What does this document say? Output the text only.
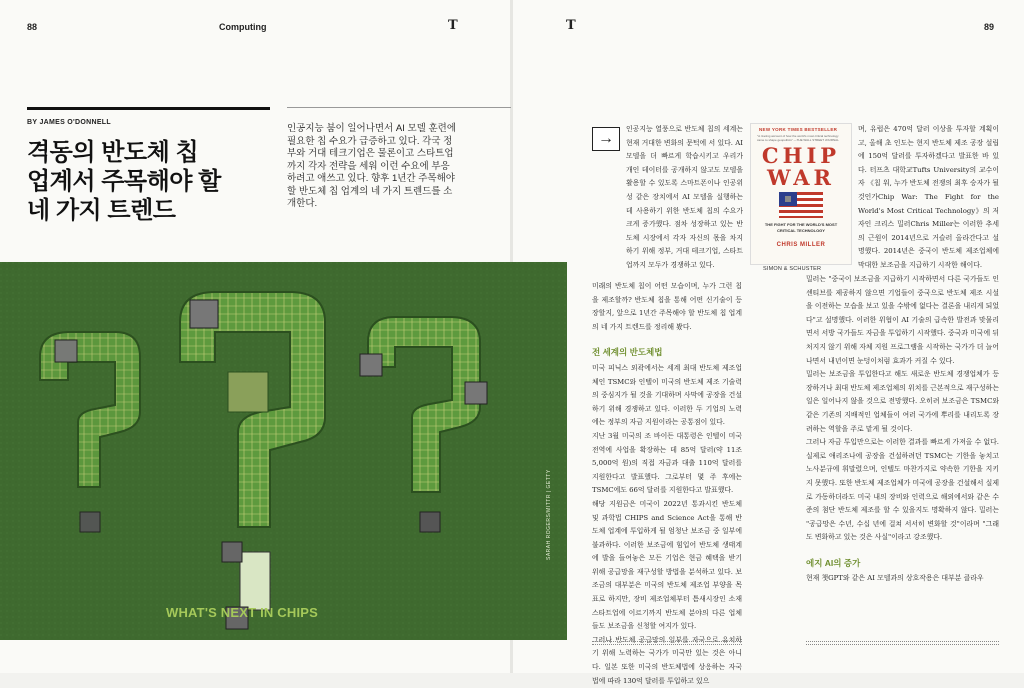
88	Computing	T	T	89
BY JAMES O'DONNELL
격동의 반도체 칩
업계서 주목해야 할
네 가지 트렌드
인공지능 붐이 일어나면서 AI 모델 훈련에 필요한 칩 수요가 급증하고 있다. 각국 정부와 거대 테크기업은 물론이고 스타트업까지 각자 전략을 세워 이런 수요에 부응하려고 애쓰고 있다. 향후 1년간 주목해야 할 반도체 칩 업계의 네 가지 트렌드를 소개한다.
WHAT'S NEXT IN CHIPS
SARAH ROGERS/MITTR | GETTY
→

인공지능 열풍으로 반도체 칩의 세계는 현재 거대한 변화의 문턱에 서 있다. AI 모델을 더 빠르게 학습시키고 우리가 개인 데이터를 공개하지 않고도 모델을 활용할 수 있도록 스마트폰이나 인공위성 같은 장치에서 AI 모델을 실행하는 데 사용하기 위한 반도체 칩의 수요가 크게 증가했다. 점차 성장하고 있는 반도체 시장에서 각자 자신의 몫을 차지하기 위해 정부, 거대 테크기업, 스타트업까지 모두가 경쟁하고 있다.

미래의 반도체 칩이 어떤 모습이며, 누가 그런 칩을 제조할까? 반도체 칩을 통해 어떤 신기술이 등장할지, 앞으로 1년간 주목해야 할 반도체 칩 업계의 네 가지 트렌드를 정리해 봤다.

전 세계의 반도체법

미국 피닉스 외곽에서는 세계 최대 반도체 제조업체인 TSMC와 인텔이 미국의 반도체 제조 기술력의 중심지가 될 것을 기대하며 사막에 공장을 건설하기 위해 경쟁하고 있다. 이러한 두 기업의 노력에는 정부의 자금 지원이라는 공통점이 있다.

지난 3월 미국의 조 바이든 대통령은 인텔이 미국 전역에 사업을 확장하는 데 85억 달러(약 11조 5,000억 원)의 직접 자금과 대출 110억 달러를 지원한다고 발표했다. 그로부터 몇 주 후에는 TSMC에도 66억 달러를 지원한다고 발표했다.

해당 지원금은 미국이 2022년 통과시킨 반도체 및 과학법 CHIPS and Science Act을 통해 반도체 업계에 투입하게 될 엄청난 보조금 중 일부에 불과하다. 이러한 보조금에 힘입어 반도체 생태계에 발을 들여놓은 모든 기업은 현금 혜택을 받기 위해 공급망을 재구성할 방법을 분석하고 있다. 보조금의 대부분은 미국의 반도체 제조업 부양을 목표로 하지만, 장비 제조업체부터 틈새시장인 소재 스타트업에 이르기까지 반도체 분야의 다른 업체들도 보조금을 신청할 여지가 있다.

그러나 반도체 공급망의 일부를 자국으로 유치하기 위해 노력하는 국가가 미국만 있는 것은 아니다. 일본 또한 미국의 반도체법에 상응하는 자국 법에 따라 130억 달러를 투입하고 있으

NEW YORK TIMES BESTSELLER
"A riveting account of how the world's most critical technology came to shape geopolitics" —THE WALL STREET JOURNAL
CHIP
WAR
THE FIGHT FOR THE WORLD'S MOST CRITICAL TECHNOLOGY
CHRIS MILLER
SIMON & SCHUSTER

며, 유럽은 470억 달러 이상을 투자할 계획이고, 올해 초 인도는 현지 반도체 제조 공장 설립에 150억 달러를 투자하겠다고 발표한 바 있다. 터프츠 대학교Tufts University의 교수이자 《칩 워, 누가 반도체 전쟁의 최후 승자가 될 것인가Chip War: The Fight for the World's Most Critical Technology》의 저자인 크리스 밀러Chris Miller는 이러한 추세의 근원이 2014년으로 거슬러 올라간다고 설명했다. 2014년은 중국이 반도체 제조업체에 막대한 보조금을 지급하기 시작한 해이다.

밀러는 "중국이 보조금을 지급하기 시작하면서 다른 국가들도 인센티브를 제공하지 않으면 기업들이 중국으로 반도체 제조 시설을 이전하는 모습을 보고 있을 수밖에 없다는 결론을 내리게 되었다"고 설명했다. 이러한 위협이 AI 기술의 급속한 발전과 맞물리면서 서방 국가들도 자금을 투입하기 시작했다. 중국과 미국에 뒤처지지 않기 위해 자체 지원 프로그램을 시작하는 국가가 더 늘어나면서 내년이면 눈덩이처럼 효과가 커질 수 있다.

밀러는 보조금을 투입한다고 해도 새로운 반도체 경쟁업체가 등장하거나 최대 반도체 제조업체의 위치를 근본적으로 재구성하는 일은 일어나지 않을 것으로 전망했다. 오히려 보조금은 TSMC와 같은 기존의 지배적인 업체들이 여러 국가에 뿌리를 내리도록 장려하는 역할을 주로 맡게 될 것이다.

그러나 자금 투입만으로는 이러한 결과를 빠르게 가져올 수 없다. 실제로 애리조나에 공장을 건설하려던 TSMC는 기한을 놓치고 노사분규에 휘말렸으며, 인텔도 마찬가지로 약속한 기한을 지키지 못했다. 또한 반도체 제조업체가 미국에 공장을 건설해서 실제로 가동하더라도 미국 내의 장비와 인력으로 해외에서와 같은 수준의 첨단 반도체 제조를 할 수 있을지도 명확하지 않다. 밀러는 "공급망은 수년, 수십 년에 걸쳐 서서히 변화할 것"이라며 "그래도 변화하고 있는 것은 사실"이라고 강조했다.

에지 AI의 증가

현재 챗GPT와 같은 AI 모델과의 상호작용은 대부분 클라우
